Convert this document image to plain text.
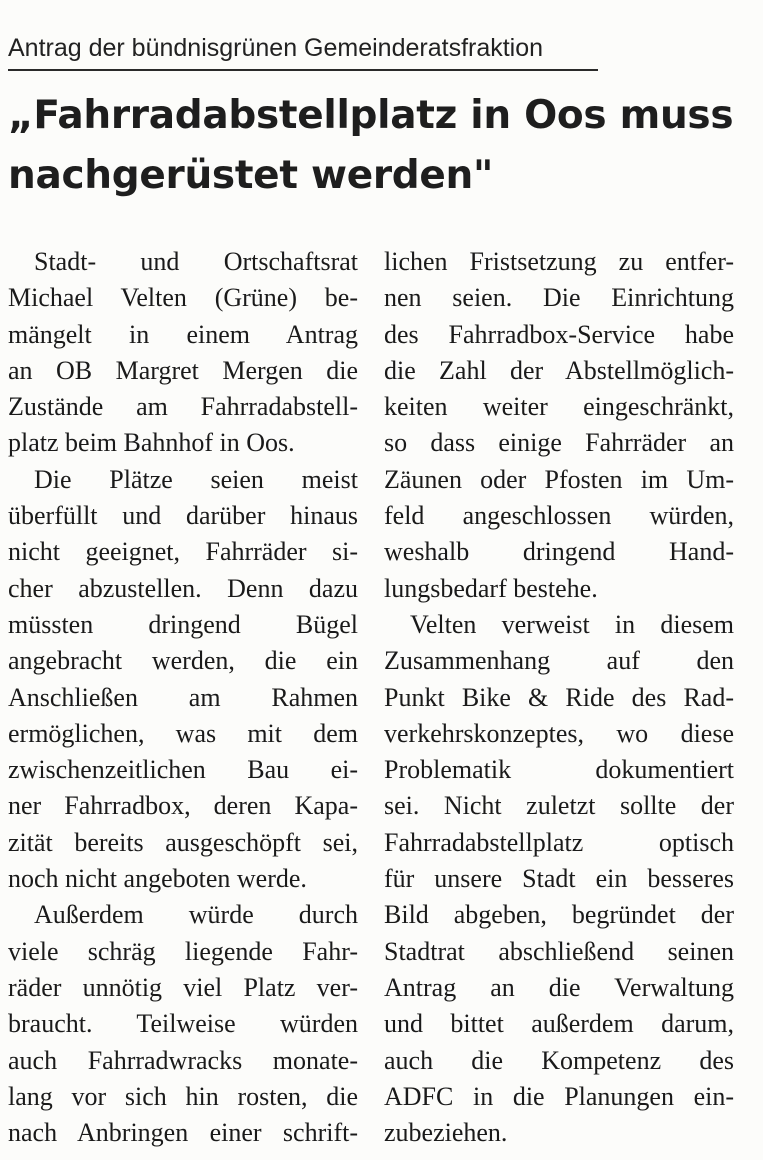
Antrag der bündnisgrünen Gemeinderatsfraktion
„Fahrradabstellplatz in Oos muss
nachgerüstet werden"
Stadt- und Ortschaftsrat
Michael Velten (Grüne) be-
mängelt in einem Antrag
an OB Margret Mergen die
Zustände am Fahrradabstell-
platz beim Bahnhof in Oos.
Die Plätze seien meist
überfüllt und darüber hinaus
nicht geeignet, Fahrräder si-
cher abzustellen. Denn dazu
müssten dringend Bügel
angebracht werden, die ein
Anschließen am Rahmen
ermöglichen, was mit dem
zwischenzeitlichen Bau ei-
ner Fahrradbox, deren Kapa-
zität bereits ausgeschöpft sei,
noch nicht angeboten werde.
Außerdem würde durch
viele schräg liegende Fahr-
räder unnötig viel Platz ver-
braucht. Teilweise würden
auch Fahrradwracks monate-
lang vor sich hin rosten, die
nach Anbringen einer schrift-
lichen Fristsetzung zu entfer-
nen seien. Die Einrichtung
des Fahrradbox-Service habe
die Zahl der Abstellmöglich-
keiten weiter eingeschränkt,
so dass einige Fahrräder an
Zäunen oder Pfosten im Um-
feld angeschlossen würden,
weshalb dringend Hand-
lungsbedarf bestehe.
Velten verweist in diesem
Zusammenhang auf den
Punkt Bike & Ride des Rad-
verkehrskonzeptes, wo diese
Problematik dokumentiert
sei. Nicht zuletzt sollte der
Fahrradabstellplatz optisch
für unsere Stadt ein besseres
Bild abgeben, begründet der
Stadtrat abschließend seinen
Antrag an die Verwaltung
und bittet außerdem darum,
auch die Kompetenz des
ADFC in die Planungen ein-
zubeziehen.
